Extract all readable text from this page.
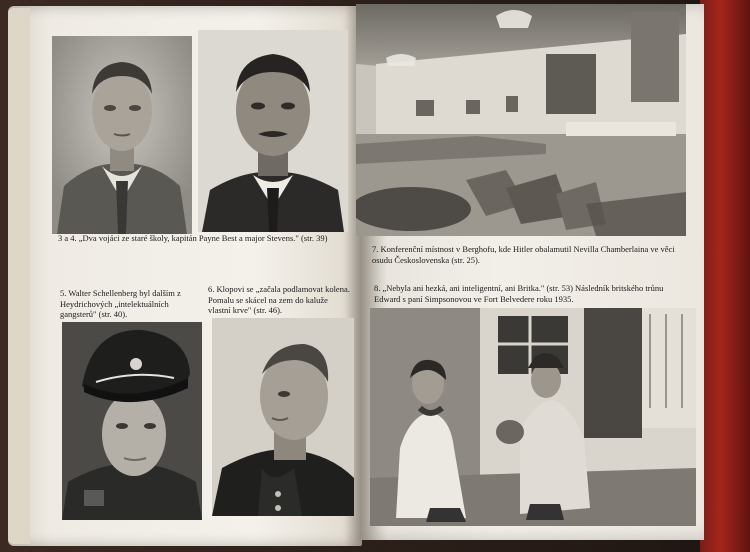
3 a 4. „Dva vojáci ze staré školy, kapitán Payne Best a major Stevens." (str. 39)
5. Walter Schellenberg byl dalším z Heydrichových „intelektuálních gangsterů" (str. 40).
6. Klopovi se „začala podlamovat kolena. Pomalu se skácel na zem do kaluže vlastní krve" (str. 46).
7. Konferenční místnost v Berghofu, kde Hitler obalamutil Nevilla Chamberlaina ve věci osudu Československa (str. 25).
8. „Nebyla ani hezká, ani inteligentní, ani Britka." (str. 53) Následník britského trůnu Edward s paní Simpsonovou ve Fort Belvedere roku 1935.
